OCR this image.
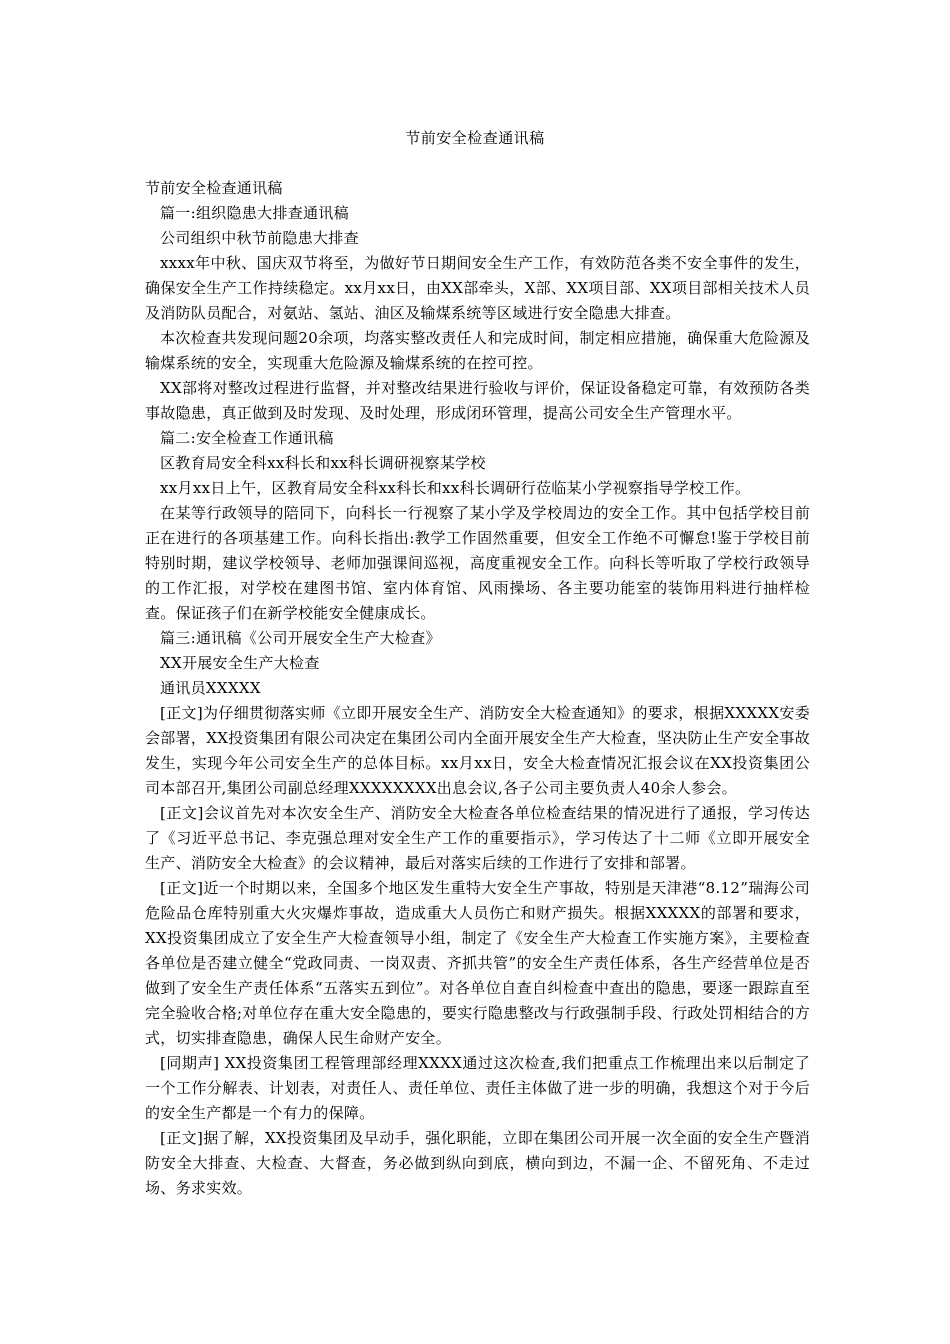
节前安全检查通讯稿

节前安全检查通讯稿

篇一:组织隐患大排查通讯稿

公司组织中秋节前隐患大排查

xxxx年中秋、国庆双节将至，为做好节日期间安全生产工作，有效防范各类不安全事件的发生，确保安全生产工作持续稳定。xx月xx日，由XX部牵头，X部、XX项目部、XX项目部相关技术人员及消防队员配合，对氨站、氢站、油区及输煤系统等区域进行安全隐患大排查。

本次检查共发现问题20余项，均落实整改责任人和完成时间，制定相应措施，确保重大危险源及输煤系统的安全，实现重大危险源及输煤系统的在控可控。

XX部将对整改过程进行监督，并对整改结果进行验收与评价，保证设备稳定可靠，有效预防各类事故隐患，真正做到及时发现、及时处理，形成闭环管理，提高公司安全生产管理水平。

篇二:安全检查工作通讯稿

区教育局安全科xx科长和xx科长调研视察某学校

xx月xx日上午，区教育局安全科xx科长和xx科长调研行莅临某小学视察指导学校工作。

在某等行政领导的陪同下，向科长一行视察了某小学及学校周边的安全工作。其中包括学校目前正在进行的各项基建工作。向科长指出:教学工作固然重要，但安全工作绝不可懈怠!鉴于学校目前特别时期，建议学校领导、老师加强课间巡视，高度重视安全工作。向科长等听取了学校行政领导的工作汇报，对学校在建图书馆、室内体育馆、风雨操场、各主要功能室的装饰用料进行抽样检查。保证孩子们在新学校能安全健康成长。

篇三:通讯稿《公司开展安全生产大检查》

XX开展安全生产大检查

通讯员XXXXX

[正文]为仔细贯彻落实师《立即开展安全生产、消防安全大检查通知》的要求，根据XXXXX安委会部署，XX投资集团有限公司决定在集团公司内全面开展安全生产大检查，坚决防止生产安全事故发生，实现今年公司安全生产的总体目标。xx月xx日，安全大检查情况汇报会议在XX投资集团公司本部召开,集团公司副总经理XXXXXXXX出息会议,各子公司主要负责人40余人参会。

[正文]会议首先对本次安全生产、消防安全大检查各单位检查结果的情况进行了通报，学习传达了《习近平总书记、李克强总理对安全生产工作的重要指示》，学习传达了十二师《立即开展安全生产、消防安全大检查》的会议精神，最后对落实后续的工作进行了安排和部署。

[正文]近一个时期以来，全国多个地区发生重特大安全生产事故，特别是天津港“8.12”瑞海公司危险品仓库特别重大火灾爆炸事故，造成重大人员伤亡和财产损失。根据XXXXX的部署和要求，XX投资集团成立了安全生产大检查领导小组，制定了《安全生产大检查工作实施方案》，主要检查各单位是否建立健全“党政同责、一岗双责、齐抓共管”的安全生产责任体系，各生产经营单位是否做到了安全生产责任体系“五落实五到位”。对各单位自查自纠检查中查出的隐患，要逐一跟踪直至完全验收合格;对单位存在重大安全隐患的，要实行隐患整改与行政强制手段、行政处罚相结合的方式，切实排查隐患，确保人民生命财产安全。

[同期声] XX投资集团工程管理部经理XXXX通过这次检查,我们把重点工作梳理出来以后制定了一个工作分解表、计划表，对责任人、责任单位、责任主体做了进一步的明确，我想这个对于今后的安全生产都是一个有力的保障。

[正文]据了解，XX投资集团及早动手，强化职能，立即在集团公司开展一次全面的安全生产暨消防安全大排查、大检查、大督查，务必做到纵向到底，横向到边，不漏一企、不留死角、不走过场、务求实效。
